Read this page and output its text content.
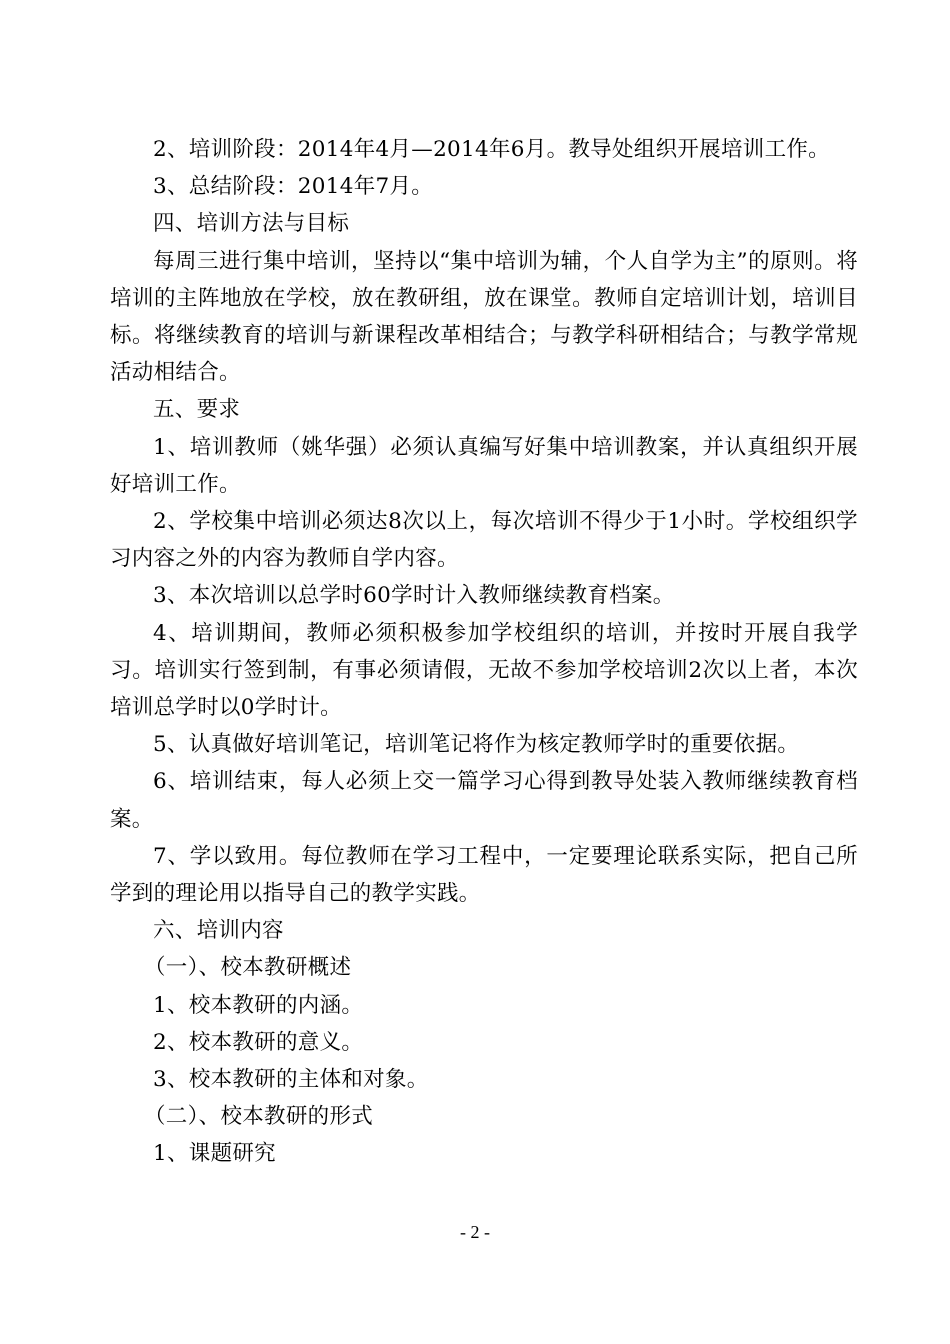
2、培训阶段：2014年4月—2014年6月。教导处组织开展培训工作。

3、总结阶段：2014年7月。

四、培训方法与目标

每周三进行集中培训，坚持以“集中培训为辅，个人自学为主”的原则。将培训的主阵地放在学校，放在教研组，放在课堂。教师自定培训计划，培训目标。将继续教育的培训与新课程改革相结合；与教学科研相结合；与教学常规活动相结合。

五、要求

1、培训教师（姚华强）必须认真编写好集中培训教案，并认真组织开展好培训工作。

2、学校集中培训必须达8次以上，每次培训不得少于1小时。学校组织学习内容之外的内容为教师自学内容。

3、本次培训以总学时60学时计入教师继续教育档案。

4、培训期间，教师必须积极参加学校组织的培训，并按时开展自我学习。培训实行签到制，有事必须请假，无故不参加学校培训2次以上者，本次培训总学时以0学时计。

5、认真做好培训笔记，培训笔记将作为核定教师学时的重要依据。

6、培训结束，每人必须上交一篇学习心得到教导处装入教师继续教育档案。

7、学以致用。每位教师在学习工程中，一定要理论联系实际，把自己所学到的理论用以指导自己的教学实践。

六、培训内容

（一）、校本教研概述

1、校本教研的内涵。

2、校本教研的意义。

3、校本教研的主体和对象。

（二）、校本教研的形式

1、课题研究

- 2 -
